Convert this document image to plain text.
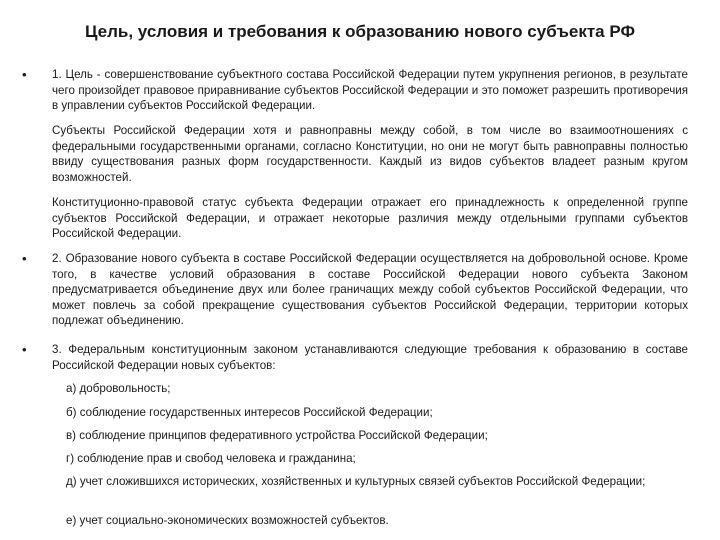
Цель, условия и требования к образованию нового субъекта РФ
• 1. Цель - совершенствование субъектного состава Российской Федерации путем укрупнения регионов, в результате чего произойдет правовое приравнивание субъектов Российской Федерации и это поможет разрешить противоречия в управлении субъектов Российской Федерации.

Субъекты Российской Федерации хотя и равноправны между собой, в том числе во взаимоотношениях с федеральными государственными органами, согласно Конституции, но они не могут быть равноправны полностью ввиду существования разных форм государственности. Каждый из видов субъектов владеет разным кругом возможностей.

Конституционно-правовой статус субъекта Федерации отражает его принадлежность к определенной группе субъектов Российской Федерации, и отражает некоторые различия между отдельными группами субъектов Российской Федерации.

• 2. Образование нового субъекта в составе Российской Федерации осуществляется на добровольной основе. Кроме того, в качестве условий образования в составе Российской Федерации нового субъекта Законом предусматривается объединение двух или более граничащих между собой субъектов Российской Федерации, что может повлечь за собой прекращение существования субъектов Российской Федерации, территории которых подлежат объединению.

• 3. Федеральным конституционным законом устанавливаются следующие требования к образованию в составе Российской Федерации новых субъектов:

а) добровольность;

б) соблюдение государственных интересов Российской Федерации;

в) соблюдение принципов федеративного устройства Российской Федерации;

г) соблюдение прав и свобод человека и гражданина;

д) учет сложившихся исторических, хозяйственных и культурных связей субъектов Российской Федерации;

е) учет социально-экономических возможностей субъектов.
